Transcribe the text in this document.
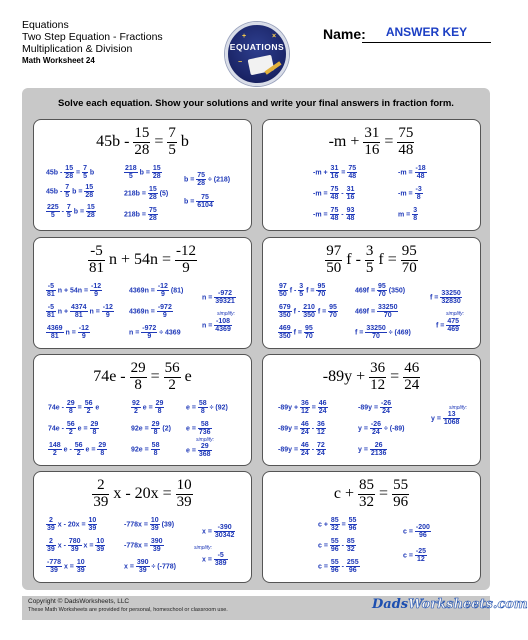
Equations
Two Step Equation - Fractions
Multiplication & Division
Math Worksheet 24
EQUATIONS
+	×
−
Name:	ANSWER KEY
Solve each equation. Show your solutions and write your final answers in fraction form.
$45b - \frac{15}{28} = \frac{7}{5}$ b
$45b - \frac{15}{28} = \frac{7}{5}$ b
$45b - \frac{7}{5}$ $b = \frac{15}{28}$
$\frac{225}{5} - \frac{7}{5}$ $b = \frac{15}{28}$
$\frac{218}{5}$ $b = \frac{15}{28}$
$218b = \frac{15}{28} (5)$
$218b = \frac{75}{28}$
$b = \frac{75}{28} \div (218)$
$b = \frac{75}{6104}$
$-m + \frac{31}{16} = \frac{75}{48}$
$-m + \frac{31}{16} = \frac{75}{48}$
$-m = \frac{75}{48} - \frac{31}{16}$
$-m = \frac{75}{48} - \frac{93}{48}$
$-m = \frac{-18}{48}$
$-m = \frac{-3}{8}$
$m = \frac{3}{8}$
$\frac{-5}{81}$ $n + 54n = \frac{-12}{9}$
$\frac{-5}{81}$ $n + 54n = \frac{-12}{9}$
$\frac{-5}{81}$ $n + \frac{4374}{81}$ $n = \frac{-12}{9}$
$\frac{4369}{81}$ $n = \frac{-12}{9}$
$4369n = \frac{-12}{9} (81)$
$4369n = \frac{-972}{9}$
$n = \frac{-972}{9} \div 4369$
$n = \frac{-972}{39321}$
simplify:
$n = \frac{-108}{4369}$
$\frac{97}{50}$ f - $\frac{3}{5}$ $f = \frac{95}{70}$
$\frac{97}{50}$ f - $\frac{3}{5}$ $f = \frac{95}{70}$
$\frac{679}{350}$ f - $\frac{210}{350}$ $f = \frac{95}{70}$
$\frac{469}{350}$ $f = \frac{95}{70}$
$469f = \frac{95}{70} (350)$
$469f = \frac{33250}{70}$
$f = \frac{33250}{70} \div (469)$
$f = \frac{33250}{32830}$
simplify:
$f = \frac{475}{469}$
$74e - \frac{29}{8} = \frac{56}{2}$ e
$74e - \frac{29}{8} = \frac{56}{2}$ e
$74e - \frac{56}{2}$ $e = \frac{29}{8}$
$\frac{148}{2}$ e - $\frac{56}{2}$ $e = \frac{29}{8}$
$\frac{92}{2}$ $e = \frac{29}{8}$
$92e = \frac{29}{8} (2)$
$92e = \frac{58}{8}$
$e = \frac{58}{8} \div (92)$
$e = \frac{58}{736}$
simplify:
$e = \frac{29}{368}$
$-89y + \frac{36}{12} = \frac{46}{24}$
$-89y + \frac{36}{12} = \frac{46}{24}$
$-89y = \frac{46}{24} - \frac{36}{12}$
$-89y = \frac{46}{24} - \frac{72}{24}$
$-89y = \frac{-26}{24}$
$y = \frac{-26}{24} \div (-89)$
$y = \frac{26}{2136}$
simplify:
$y = \frac{13}{1068}$
$\frac{2}{39}$ $x - 20x = \frac{10}{39}$
$\frac{2}{39}$ $x - 20x = \frac{10}{39}$
$\frac{2}{39}$ x - $\frac{780}{39}$ $x = \frac{10}{39}$
$\frac{-778}{39}$ $x = \frac{10}{39}$
$-778x = \frac{10}{39} (39)$
$-778x = \frac{390}{39}$
$x = \frac{390}{39} \div (-778)$
$x = \frac{-390}{30342}$
simplify:
$x = \frac{-5}{389}$
$c + \frac{85}{32} = \frac{55}{96}$
$c + \frac{85}{32} = \frac{55}{96}$
$c = \frac{55}{96} - \frac{85}{32}$
$c = \frac{55}{96} - \frac{255}{96}$
$c = \frac{-200}{96}$
$c = \frac{-25}{12}$
Copyright © DadsWorksheets, LLC
These Math Worksheets are provided for personal, homeschool or classroom use.	DadsWorksheets.com
